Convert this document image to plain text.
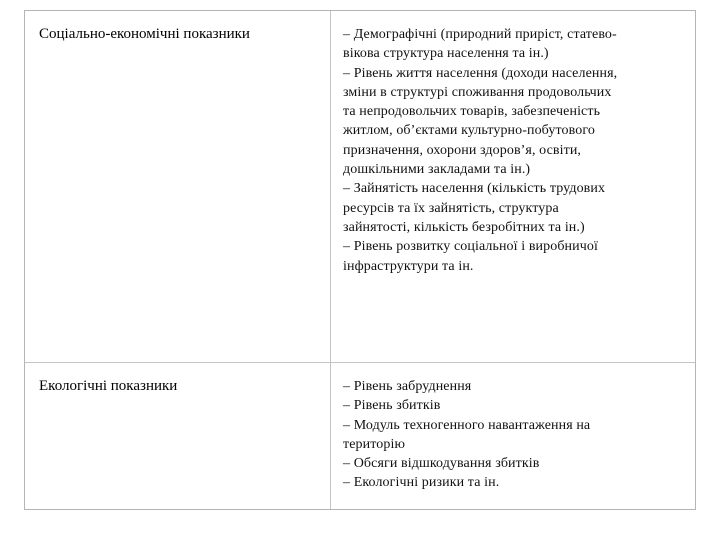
Соціально-економічні показники	– Демографічні (природний приріст, статево-

вікова структура населення та ін.)

– Рівень життя населення (доходи населення,

зміни в структурі споживання продовольчих

та непродовольчих товарів, забезпеченість

житлом, об’єктами культурно-побутового

призначення, охорони здоров’я, освіти,

дошкільними закладами та ін.)

– Зайнятість населення (кількість трудових

ресурсів та їх зайнятість, структура

зайнятості, кількість безробітних та ін.)

– Рівень розвитку соціальної і виробничої

інфраструктури та ін.

Екологічні показники	– Рівень забруднення

– Рівень збитків

– Модуль техногенного навантаження на

територію

– Обсяги відшкодування збитків

– Екологічні ризики та ін.
